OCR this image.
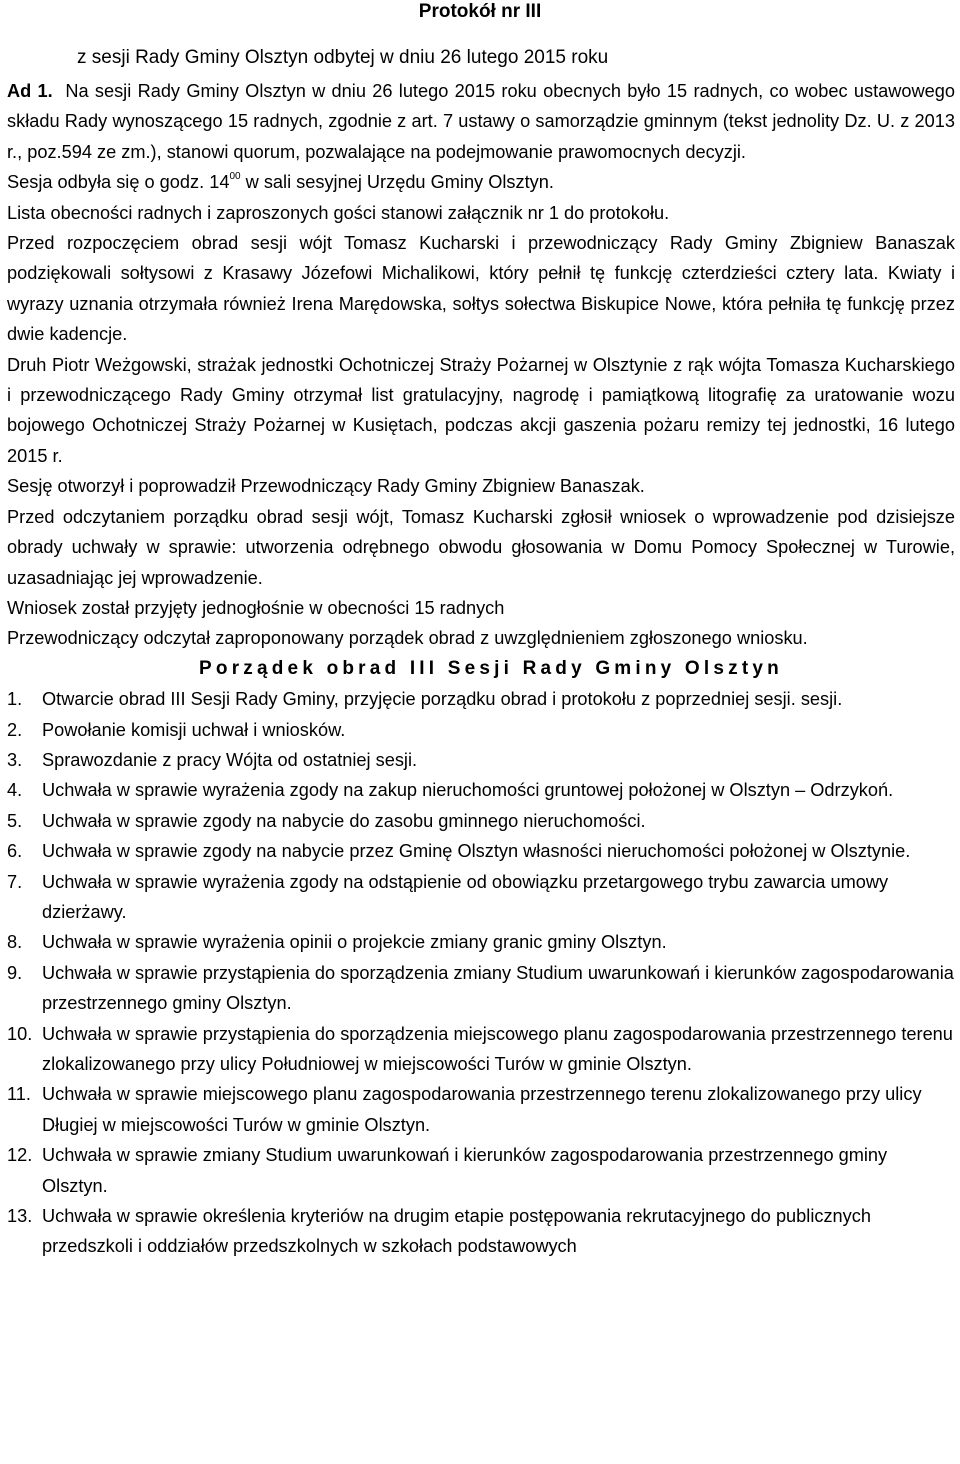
Protokół nr III

z sesji Rady Gminy Olsztyn odbytej w dniu 26 lutego 2015 roku

Ad 1. Na sesji Rady Gminy Olsztyn w dniu 26 lutego 2015 roku obecnych było 15 radnych, co wobec ustawowego składu Rady wynoszącego 15 radnych, zgodnie z art. 7 ustawy o samorządzie gminnym (tekst jednolity Dz. U. z 2013 r., poz.594 ze zm.), stanowi quorum, pozwalające na podejmowanie prawomocnych decyzji.

Sesja odbyła się o godz. $14^{00}$ w sali sesyjnej Urzędu Gminy Olsztyn.

Lista obecności radnych i zaproszonych gości stanowi załącznik nr 1 do protokołu.

Przed rozpoczęciem obrad sesji wójt Tomasz Kucharski i przewodniczący Rady Gminy Zbigniew Banaszak podziękowali sołtysowi z Krasawy Józefowi Michalikowi, który pełnił tę funkcję czterdzieści cztery lata. Kwiaty i wyrazy uznania otrzymała również Irena Marędowska, sołtys sołectwa Biskupice Nowe, która pełniła tę funkcję przez dwie kadencje.

Druh Piotr Weżgowski, strażak jednostki Ochotniczej Straży Pożarnej w Olsztynie z rąk wójta Tomasza Kucharskiego i przewodniczącego Rady Gminy otrzymał list gratulacyjny, nagrodę i pamiątkową litografię za uratowanie wozu bojowego Ochotniczej Straży Pożarnej w Kusiętach, podczas akcji gaszenia pożaru remizy tej jednostki, 16 lutego 2015 r.

Sesję otworzył i poprowadził Przewodniczący Rady Gminy Zbigniew Banaszak.

Przed odczytaniem porządku obrad sesji wójt, Tomasz Kucharski zgłosił wniosek o wprowadzenie pod dzisiejsze obrady uchwały w sprawie: utworzenia odrębnego obwodu głosowania w Domu Pomocy Społecznej w Turowie, uzasadniając jej wprowadzenie.

Wniosek został przyjęty jednogłośnie w obecności 15 radnych

Przewodniczący odczytał zaproponowany porządek obrad z uwzględnieniem zgłoszonego wniosku.

Porządek obrad III Sesji Rady Gminy Olsztyn

1.	Otwarcie obrad III Sesji Rady Gminy, przyjęcie porządku obrad i protokołu z poprzedniej sesji. sesji.
2.	Powołanie komisji uchwał i wniosków.
3.	Sprawozdanie z pracy Wójta od ostatniej sesji.
4.	Uchwała w sprawie wyrażenia zgody na zakup nieruchomości gruntowej położonej w Olsztyn – Odrzykoń.
5.	Uchwała w sprawie zgody na nabycie do zasobu gminnego nieruchomości.
6.	Uchwała w sprawie zgody na nabycie przez Gminę Olsztyn własności nieruchomości położonej w Olsztynie.
7.	Uchwała w sprawie wyrażenia zgody na odstąpienie od obowiązku przetargowego trybu zawarcia umowy dzierżawy.
8.	Uchwała w sprawie wyrażenia opinii o projekcie zmiany granic gminy Olsztyn.
9.	Uchwała w sprawie przystąpienia do sporządzenia zmiany Studium uwarunkowań i kierunków zagospodarowania przestrzennego gminy Olsztyn.
10. Uchwała w sprawie przystąpienia do sporządzenia miejscowego planu zagospodarowania przestrzennego terenu zlokalizowanego przy ulicy Południowej w miejscowości Turów w gminie Olsztyn.
11. Uchwała w sprawie miejscowego planu zagospodarowania przestrzennego terenu zlokalizowanego przy ulicy Długiej w miejscowości Turów w gminie Olsztyn.
12. Uchwała w sprawie zmiany Studium uwarunkowań i kierunków zagospodarowania przestrzennego gminy Olsztyn.
13. Uchwała w sprawie określenia kryteriów na drugim etapie postępowania rekrutacyjnego do publicznych przedszkoli i oddziałów przedszkolnych w szkołach podstawowych
